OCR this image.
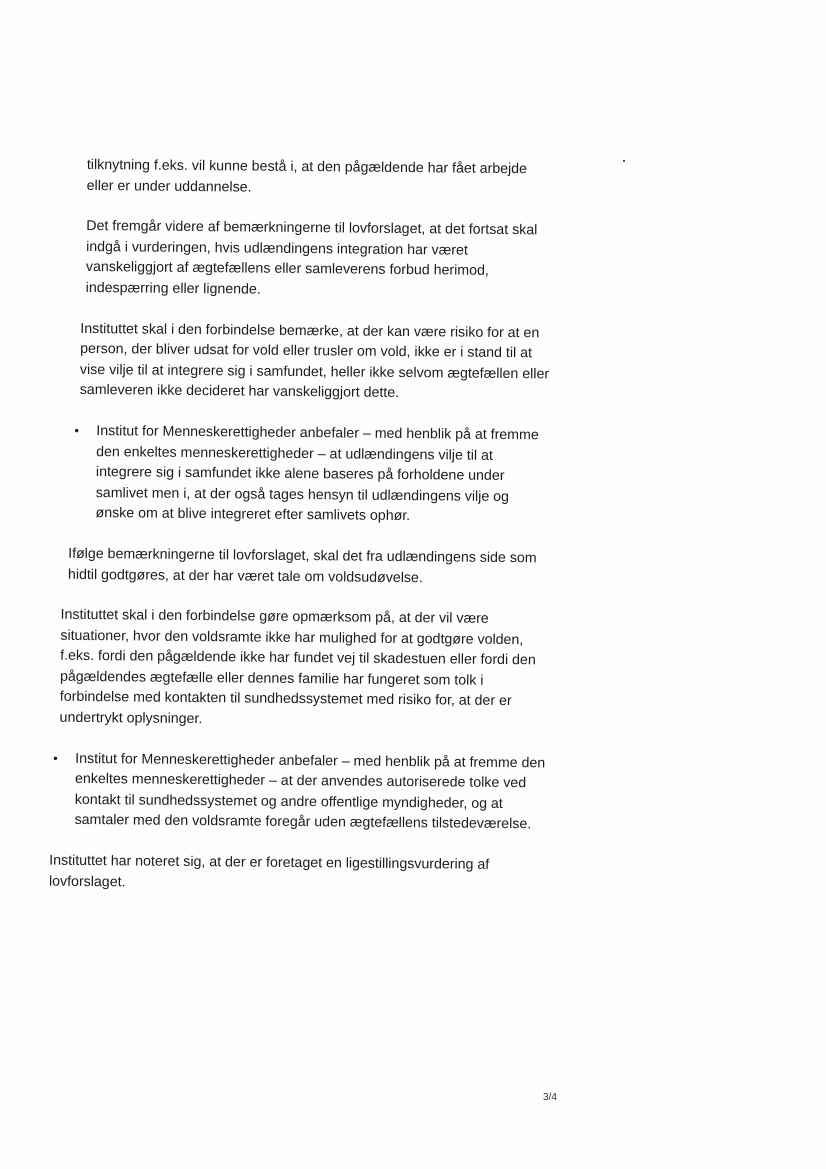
tilknytning f.eks. vil kunne bestå i, at den pågældende har fået arbejde eller er under uddannelse.

Det fremgår videre af bemærkningerne til lovforslaget, at det fortsat skal indgå i vurderingen, hvis udlændingens integration har været vanskeliggjort af ægtefællens eller samleverens forbud herimod, indespærring eller lignende.

Instituttet skal i den forbindelse bemærke, at der kan være risiko for at en person, der bliver udsat for vold eller trusler om vold, ikke er i stand til at vise vilje til at integrere sig i samfundet, heller ikke selvom ægtefællen eller samleveren ikke decideret har vanskeliggjort dette.

• Institut for Menneskerettigheder anbefaler – med henblik på at fremme den enkeltes menneskerettigheder – at udlændingens vilje til at integrere sig i samfundet ikke alene baseres på forholdene under samlivet men i, at der også tages hensyn til udlændingens vilje og ønske om at blive integreret efter samlivets ophør.

Ifølge bemærkningerne til lovforslaget, skal det fra udlændingens side som hidtil godtgøres, at der har været tale om voldsudøvelse.

Instituttet skal i den forbindelse gøre opmærksom på, at der vil være situationer, hvor den voldsramte ikke har mulighed for at godtgøre volden, f.eks. fordi den pågældende ikke har fundet vej til skadestuen eller fordi den pågældendes ægtefælle eller dennes familie har fungeret som tolk i forbindelse med kontakten til sundhedssystemet med risiko for, at der er undertrykt oplysninger.

• Institut for Menneskerettigheder anbefaler – med henblik på at fremme den enkeltes menneskerettigheder – at der anvendes autoriserede tolke ved kontakt til sundhedssystemet og andre offentlige myndigheder, og at samtaler med den voldsramte foregår uden ægtefællens tilstedeværelse.

Instituttet har noteret sig, at der er foretaget en ligestillingsvurdering af lovforslaget.

3/4
